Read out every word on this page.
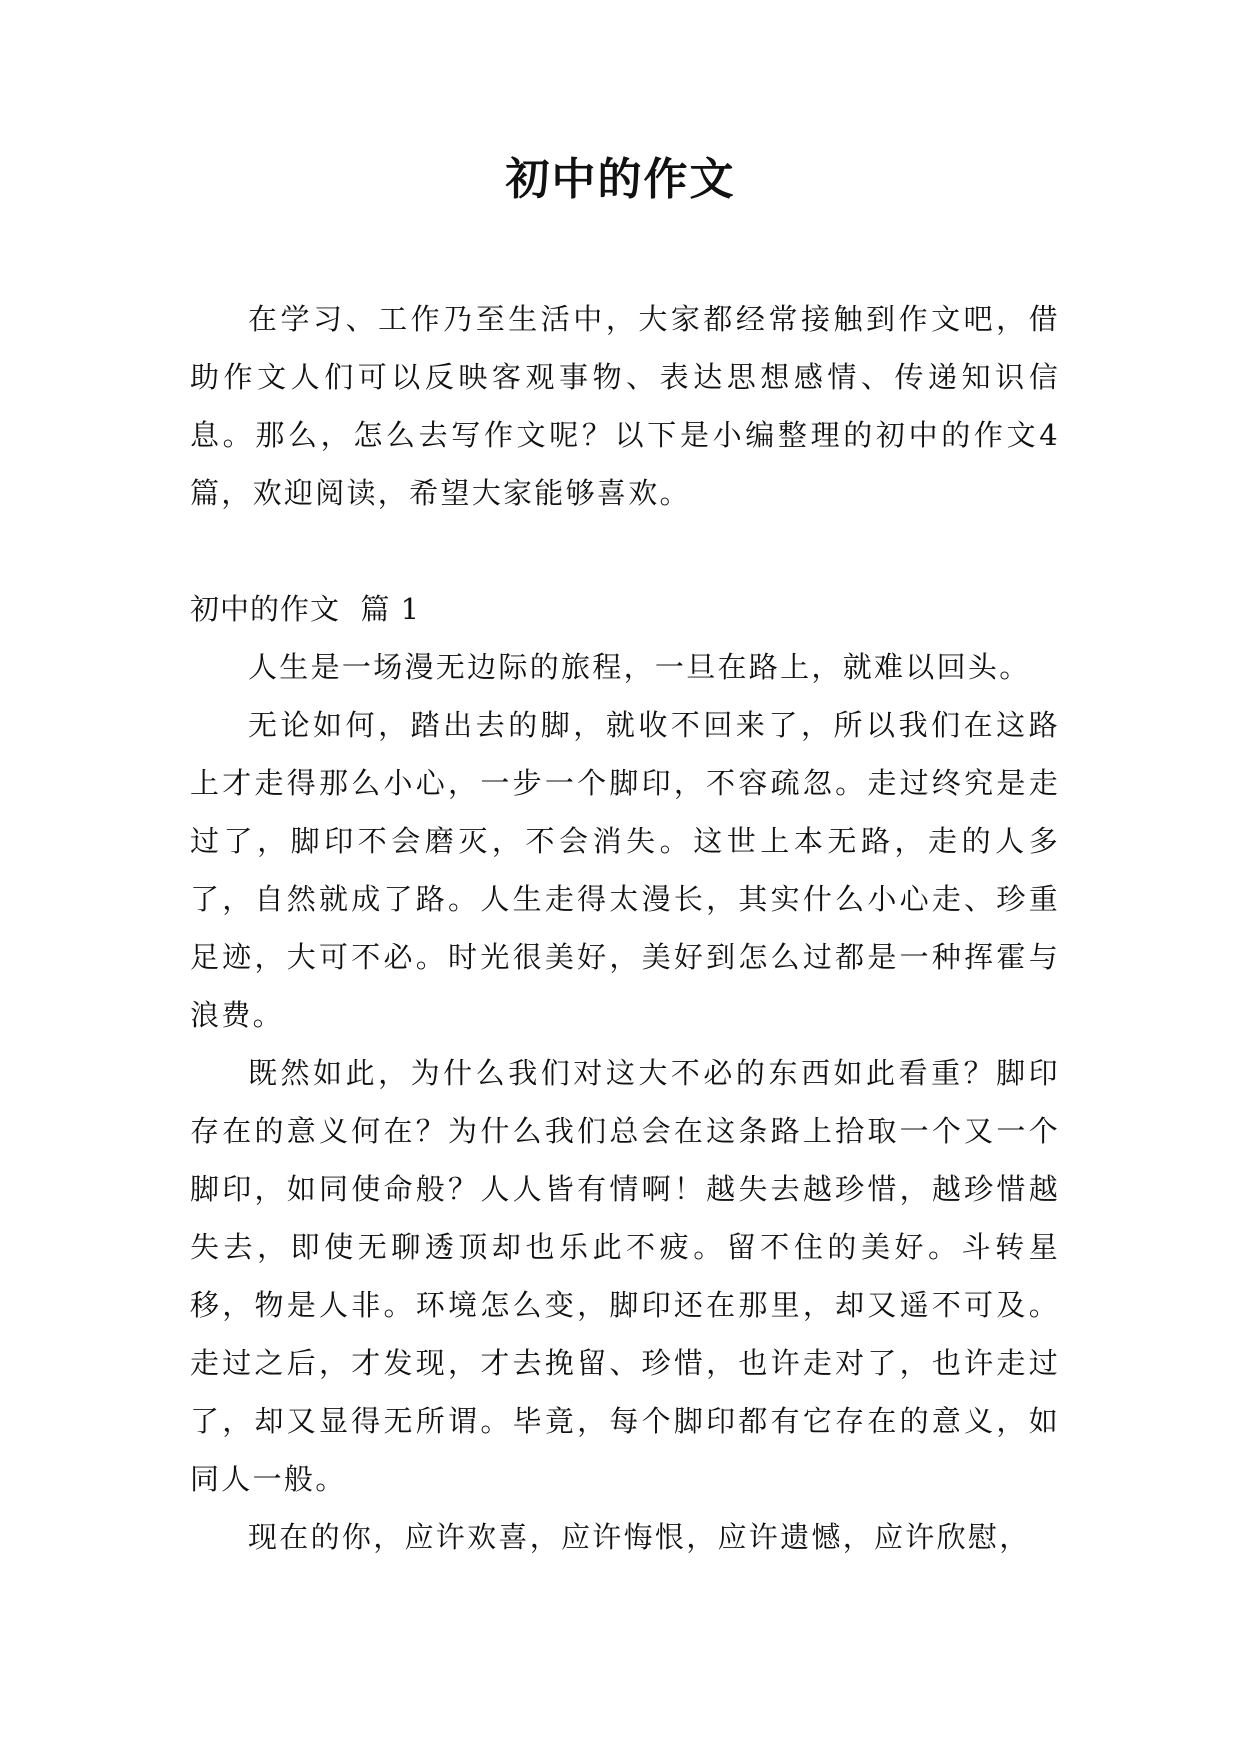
初中的作文

在学习、工作乃至生活中，大家都经常接触到作文吧，借助作文人们可以反映客观事物、表达思想感情、传递知识信息。那么，怎么去写作文呢？以下是小编整理的初中的作文4篇，欢迎阅读，希望大家能够喜欢。

初中的作文  篇 1

人生是一场漫无边际的旅程，一旦在路上，就难以回头。

无论如何，踏出去的脚，就收不回来了，所以我们在这路上才走得那么小心，一步一个脚印，不容疏忽。走过终究是走过了，脚印不会磨灭，不会消失。这世上本无路，走的人多了，自然就成了路。人生走得太漫长，其实什么小心走、珍重足迹，大可不必。时光很美好，美好到怎么过都是一种挥霍与浪费。

既然如此，为什么我们对这大不必的东西如此看重？脚印存在的意义何在？为什么我们总会在这条路上拾取一个又一个脚印，如同使命般？人人皆有情啊！越失去越珍惜，越珍惜越失去，即使无聊透顶却也乐此不疲。留不住的美好。斗转星移，物是人非。环境怎么变，脚印还在那里，却又遥不可及。走过之后，才发现，才去挽留、珍惜，也许走对了，也许走过了，却又显得无所谓。毕竟，每个脚印都有它存在的意义，如同人一般。

现在的你，应许欢喜，应许悔恨，应许遗憾，应许欣慰，
